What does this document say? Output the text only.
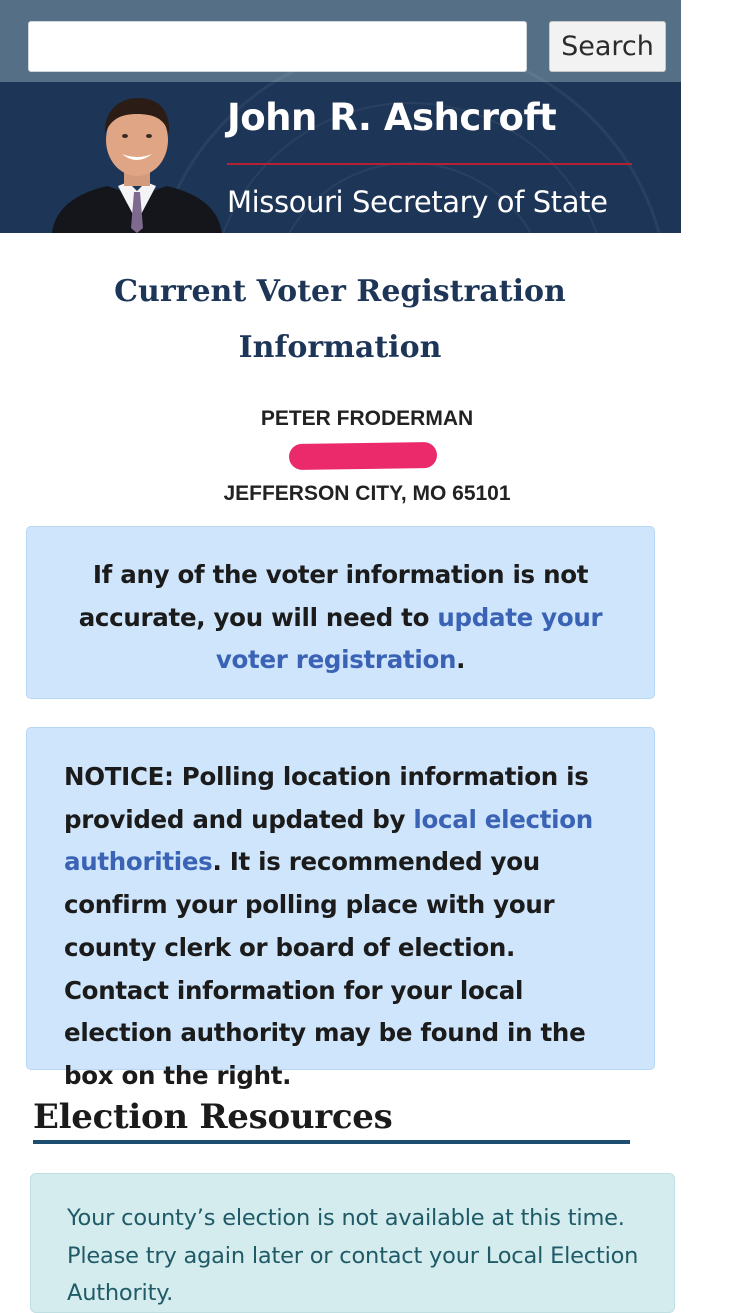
Search
John R. Ashcroft
Missouri Secretary of State
Current Voter Registration Information
PETER FRODERMAN
JEFFERSON CITY, MO 65101

If any of the voter information is not accurate, you will need to update your voter registration.

NOTICE: Polling location information is provided and updated by local election authorities. It is recommended you confirm your polling place with your county clerk or board of election. Contact information for your local election authority may be found in the box on the right.

Election Resources

Your county’s election is not available at this time. Please try again later or contact your Local Election Authority.
